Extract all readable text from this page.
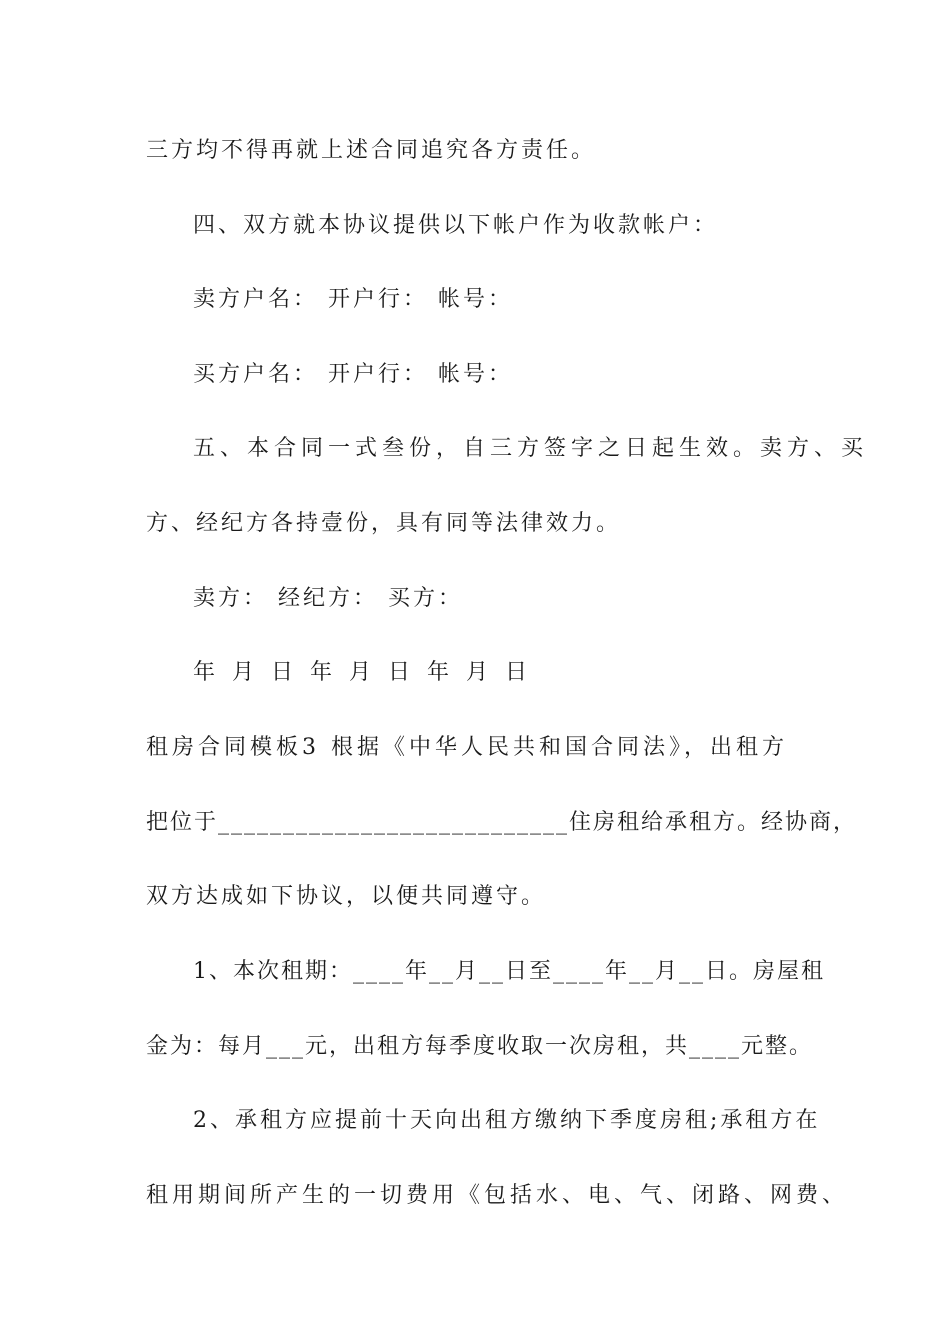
三方均不得再就上述合同追究各方责任。
四、双方就本协议提供以下帐户作为收款帐户：
卖方户名： 开户行： 帐号：
买方户名： 开户行： 帐号：
五、本合同一式叁份，自三方签字之日起生效。卖方、买
方、经纪方各持壹份，具有同等法律效力。
卖方： 经纪方： 买方：
年 月 日 年 月 日 年 月 日
租房合同模板3 根据《中华人民共和国合同法》，出租方
把位于___________________________住房租给承租方。经协商，
双方达成如下协议，以便共同遵守。
1、本次租期：____年__月__日至____年__月__日。房屋租
金为：每月___元，出租方每季度收取一次房租，共____元整。
2、承租方应提前十天向出租方缴纳下季度房租;承租方在
租用期间所产生的一切费用《包括水、电、气、闭路、网费、
